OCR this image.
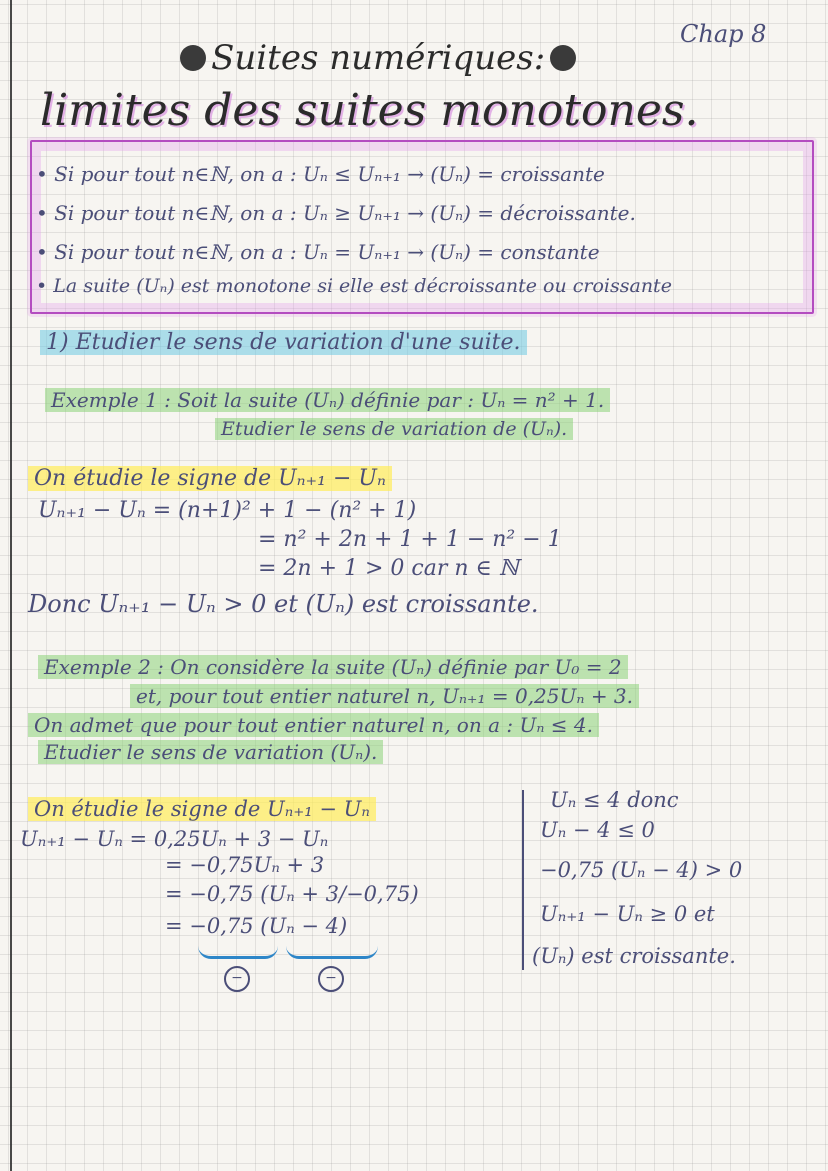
Chap 8
Suites numériques:
limites des suites monotones.
• Si pour tout n∈ℕ, on a : Uₙ ≤ Uₙ₊₁ → (Uₙ) = croissante
• Si pour tout n∈ℕ, on a : Uₙ ≥ Uₙ₊₁ → (Uₙ) = décroissante.
• Si pour tout n∈ℕ, on a : Uₙ = Uₙ₊₁ → (Uₙ) = constante
• La suite (Uₙ) est monotone si elle est décroissante ou croissante
1) Etudier le sens de variation d'une suite.
Exemple 1 : Soit la suite (Uₙ) définie par : Uₙ = n² + 1.
Etudier le sens de variation de (Uₙ).
On étudie le signe de Uₙ₊₁ − Uₙ
Uₙ₊₁ − Uₙ = (n+1)² + 1 − (n² + 1)
= n² + 2n + 1 + 1 − n² − 1
= 2n + 1 > 0 car n ∈ ℕ
Donc Uₙ₊₁ − Uₙ > 0 et (Uₙ) est croissante.
Exemple 2 : On considère la suite (Uₙ) définie par U₀ = 2
et, pour tout entier naturel n, Uₙ₊₁ = 0,25Uₙ + 3.
On admet que pour tout entier naturel n, on a : Uₙ ≤ 4.
Etudier le sens de variation (Uₙ).
On étudie le signe de Uₙ₊₁ − Uₙ
Uₙ₊₁ − Uₙ = 0,25Uₙ + 3 − Uₙ
= −0,75Uₙ + 3
= −0,75 (Uₙ + 3/−0,75)
= −0,75 (Uₙ − 4)
−	−
Uₙ ≤ 4 donc
Uₙ − 4 ≤ 0
−0,75 (Uₙ − 4) > 0
Uₙ₊₁ − Uₙ ≥ 0 et
(Uₙ) est croissante.
